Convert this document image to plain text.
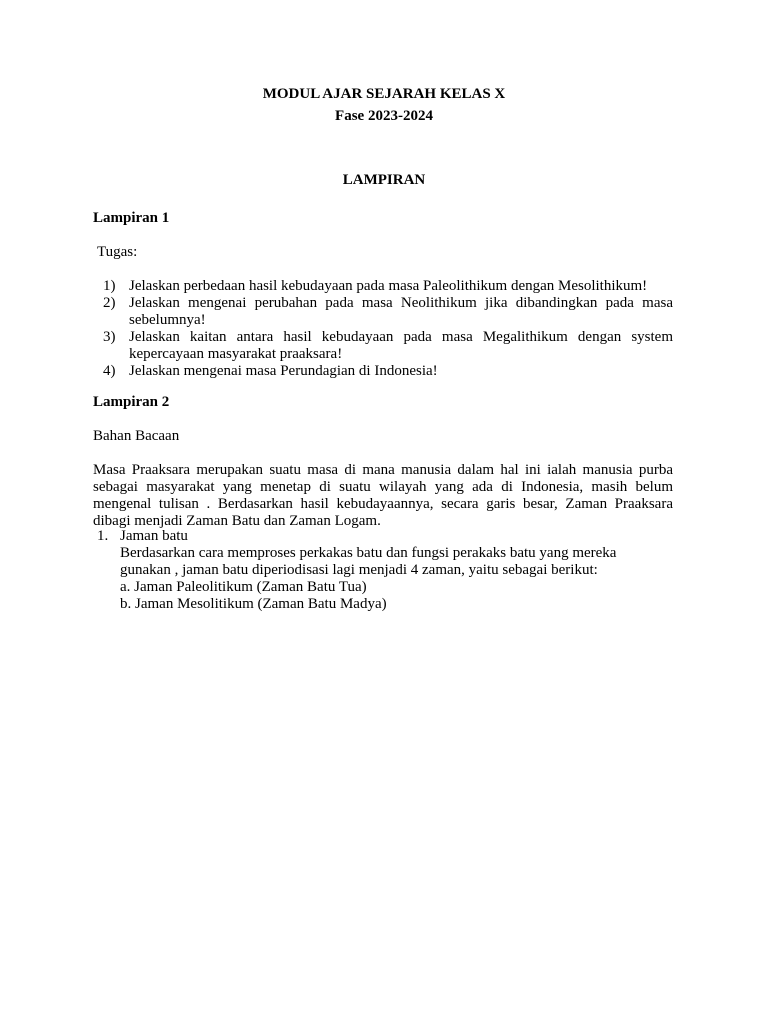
MODUL AJAR SEJARAH KELAS X
Fase 2023-2024
LAMPIRAN
Lampiran 1
Tugas:
1) Jelaskan perbedaan hasil kebudayaan pada masa Paleolithikum dengan Mesolithikum!
2) Jelaskan mengenai perubahan pada masa Neolithikum jika dibandingkan pada masa sebelumnya!
3) Jelaskan kaitan antara hasil kebudayaan pada masa Megalithikum dengan system kepercayaan masyarakat praaksara!
4) Jelaskan mengenai masa Perundagian di Indonesia!
Lampiran 2
Bahan Bacaan
Masa Praaksara merupakan suatu masa di mana manusia dalam hal ini ialah manusia purba sebagai masyarakat yang menetap di suatu wilayah yang ada di Indonesia, masih belum mengenal tulisan . Berdasarkan hasil kebudayaannya, secara garis besar, Zaman Praaksara dibagi menjadi Zaman Batu dan Zaman Logam.
1. Jaman batu
Berdasarkan cara memproses perkakas batu dan fungsi perakaks batu yang mereka gunakan , jaman batu diperiodisasi lagi menjadi 4 zaman, yaitu sebagai berikut:
a. Jaman Paleolitikum (Zaman Batu Tua)
b. Jaman Mesolitikum (Zaman Batu Madya)
